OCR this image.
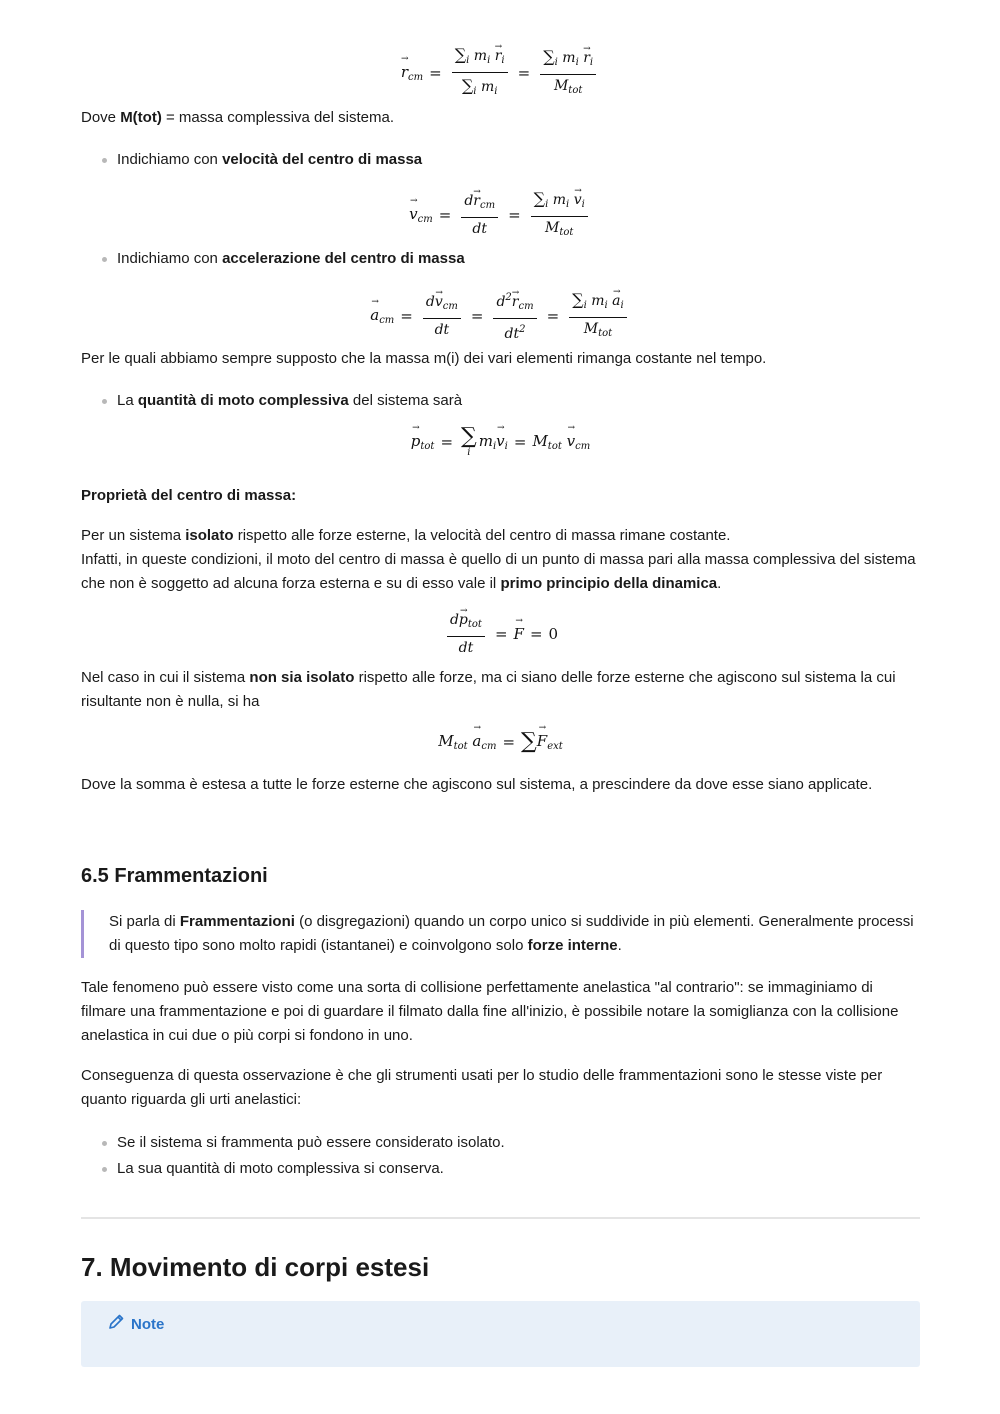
→ $r_{cm} = \frac{\sum_i m_i \to r_i}{\sum_i m_i} = \frac{\sum_i m_i \to r_i}{M_{tot}}$

Dove M(tot) = massa complessiva del sistema.

Indichiamo con velocità del centro di massa
→ $v_{cm} = \frac{d\to r_{cm}}{dt} = \frac{\sum_i m_i \to v_i}{M_{tot}}$
Indichiamo con accelerazione del centro di massa
→ $a_{cm} = \frac{d\to v_{cm}}{dt} = \frac{d^2\to r_{cm}}{dt^2} = \frac{\sum_i m_i \to a_i}{M_{tot}}$

Per le quali abbiamo sempre supposto che la massa m(i) dei vari elementi rimanga costante nel tempo.

La quantità di moto complessiva del sistema sarà
→ $p_{tot}$ = ∑
i
$m_i\to v_i = M_{tot} \to v_{cm}$

Proprietà del centro di massa:

Per un sistema isolato rispetto alle forze esterne, la velocità del centro di massa rimane costante.

Infatti, in queste condizioni, il moto del centro di massa è quello di un punto di massa pari alla massa complessiva del sistema che non è soggetto ad alcuna forza esterna e su di esso vale il primo principio della dinamica.

$\frac{d\to p_{tot}}{dt}$ = → F = 0

Nel caso in cui il sistema non sia isolato rispetto alle forze, ma ci siano delle forze esterne che agiscono sul sistema la cui risultante non è nulla, si ha

$M_{tot} \to a_{cm}$ = ∑ → $F_{ext}$

Dove la somma è estesa a tutte le forze esterne che agiscono sul sistema, a prescindere da dove esse siano applicate.

6.5 Frammentazioni

Si parla di Frammentazioni (o disgregazioni) quando un corpo unico si suddivide in più elementi. Generalmente processi di questo tipo sono molto rapidi (istantanei) e coinvolgono solo forze interne.

Tale fenomeno può essere visto come una sorta di collisione perfettamente anelastica "al contrario": se immaginiamo di filmare una frammentazione e poi di guardare il filmato dalla fine all'inizio, è possibile notare la somiglianza con la collisione anelastica in cui due o più corpi si fondono in uno.

Conseguenza di questa osservazione è che gli strumenti usati per lo studio delle frammentazioni sono le stesse viste per quanto riguarda gli urti anelastici:

Se il sistema si frammenta può essere considerato isolato.
La sua quantità di moto complessiva si conserva.
7. Movimento di corpi estesi
Note
